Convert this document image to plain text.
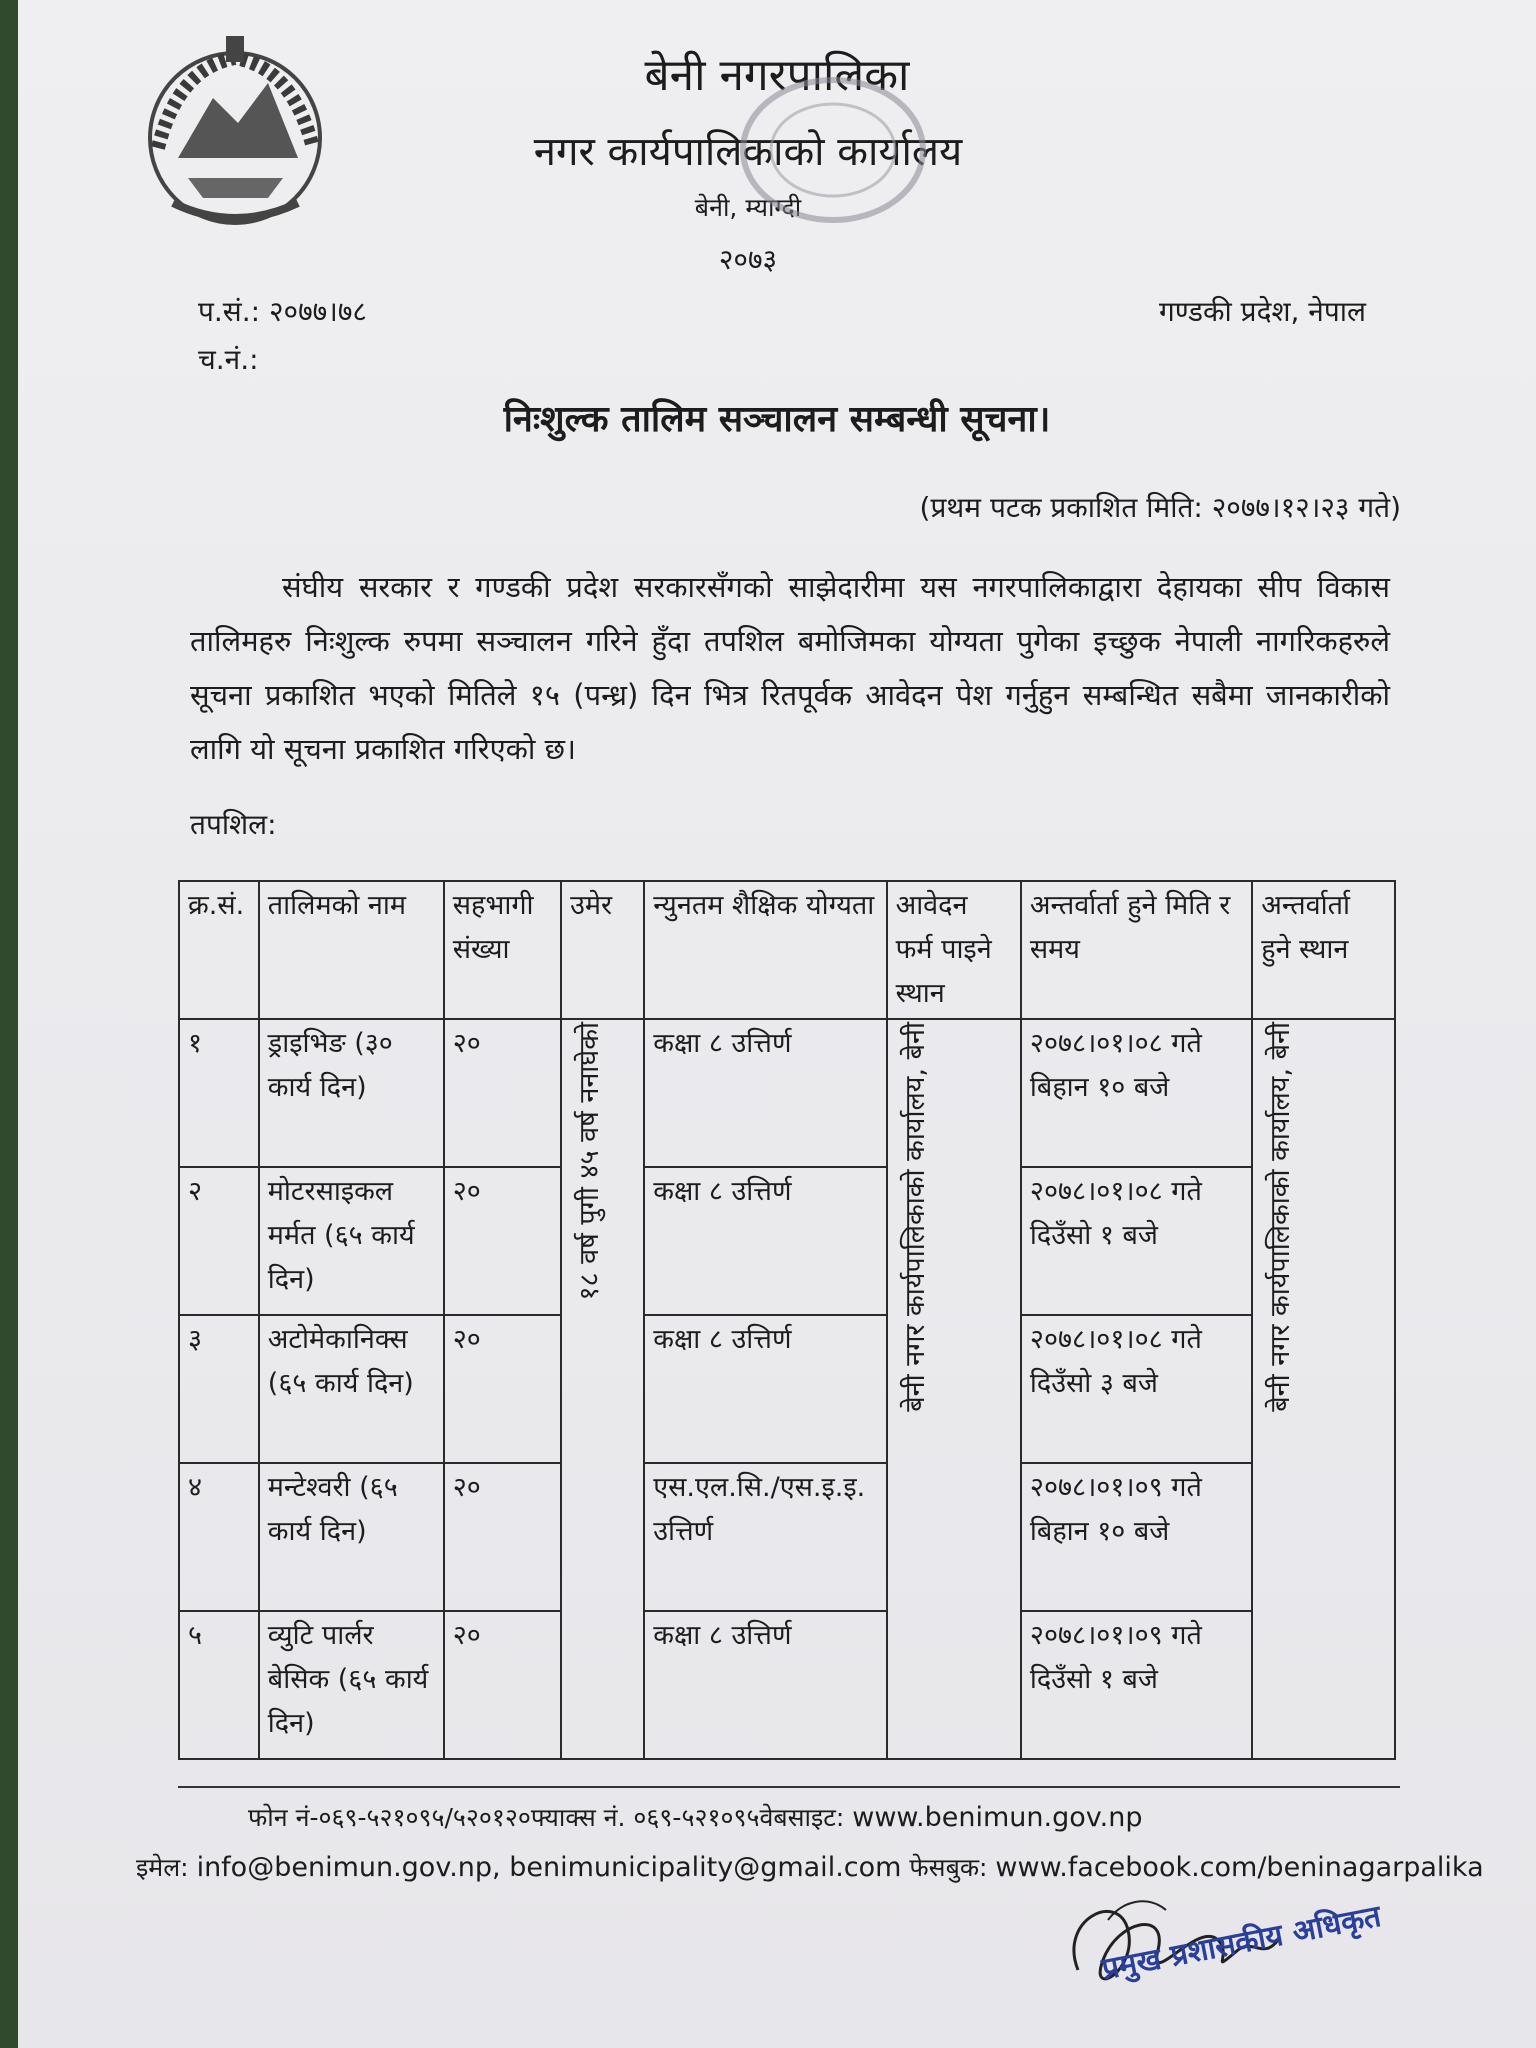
बेनी नगरपालिका
नगर कार्यपालिकाको कार्यालय
बेनी, म्याग्दी
२०७३
प.सं.: २०७७।७८
च.नं.:
गण्डकी प्रदेश, नेपाल
निःशुल्क तालिम सञ्चालन सम्बन्धी सूचना।
(प्रथम पटक प्रकाशित मिति: २०७७।१२।२३ गते)
संघीय सरकार र गण्डकी प्रदेश सरकारसँगको साझेदारीमा यस नगरपालिकाद्वारा देहायका सीप विकास तालिमहरु निःशुल्क रुपमा सञ्चालन गरिने हुँदा तपशिल बमोजिमका योग्यता पुगेका इच्छुक नेपाली नागरिकहरुले सूचना प्रकाशित भएको मितिले १५ (पन्ध्र) दिन भित्र रितपूर्वक आवेदन पेश गर्नुहुन सम्बन्धित सबैमा जानकारीको लागि यो सूचना प्रकाशित गरिएको छ।
तपशिल:
क्र.सं.	तालिमको नाम	सहभागी संख्या	उमेर	न्युनतम शैक्षिक योग्यता	आवेदन फर्म पाइने स्थान	अन्तर्वार्ता हुने मिति र समय	अन्तर्वार्ता हुने स्थान
१	ड्राइभिङ (३० कार्य दिन)	२०	१८ वर्ष पुगी ४५ वर्ष ननाघेको	कक्षा ८ उत्तिर्ण	बेनी नगर कार्यपालिकाको कार्यालय, बेनी	२०७८।०१।०८ गते बिहान १० बजे	बेनी नगर कार्यपालिकाको कार्यालय, बेनी
२	मोटरसाइकल मर्मत (६५ कार्य दिन)	२०		कक्षा ८ उत्तिर्ण		२०७८।०१।०८ गते दिउँसो १ बजे	
३	अटोमेकानिक्स (६५ कार्य दिन)	२०		कक्षा ८ उत्तिर्ण		२०७८।०१।०८ गते दिउँसो ३ बजे	
४	मन्टेश्वरी (६५ कार्य दिन)	२०		एस.एल.सि./एस.इ.इ. उत्तिर्ण		२०७८।०१।०९ गते बिहान १० बजे	
५	व्युटि पार्लर बेसिक (६५ कार्य दिन)	२०		कक्षा ८ उत्तिर्ण		२०७८।०१।०९ गते दिउँसो १ बजे	
फोन नं-०६९-५२१०९५/५२०१२०फ्याक्स नं. ०६९-५२१०९५वेबसाइट: www.benimun.gov.np
इमेल: info@benimun.gov.np, benimunicipality@gmail.com फेसबुक: www.facebook.com/beninagarpalika
प्रमुख प्रशासकीय अधिकृत
